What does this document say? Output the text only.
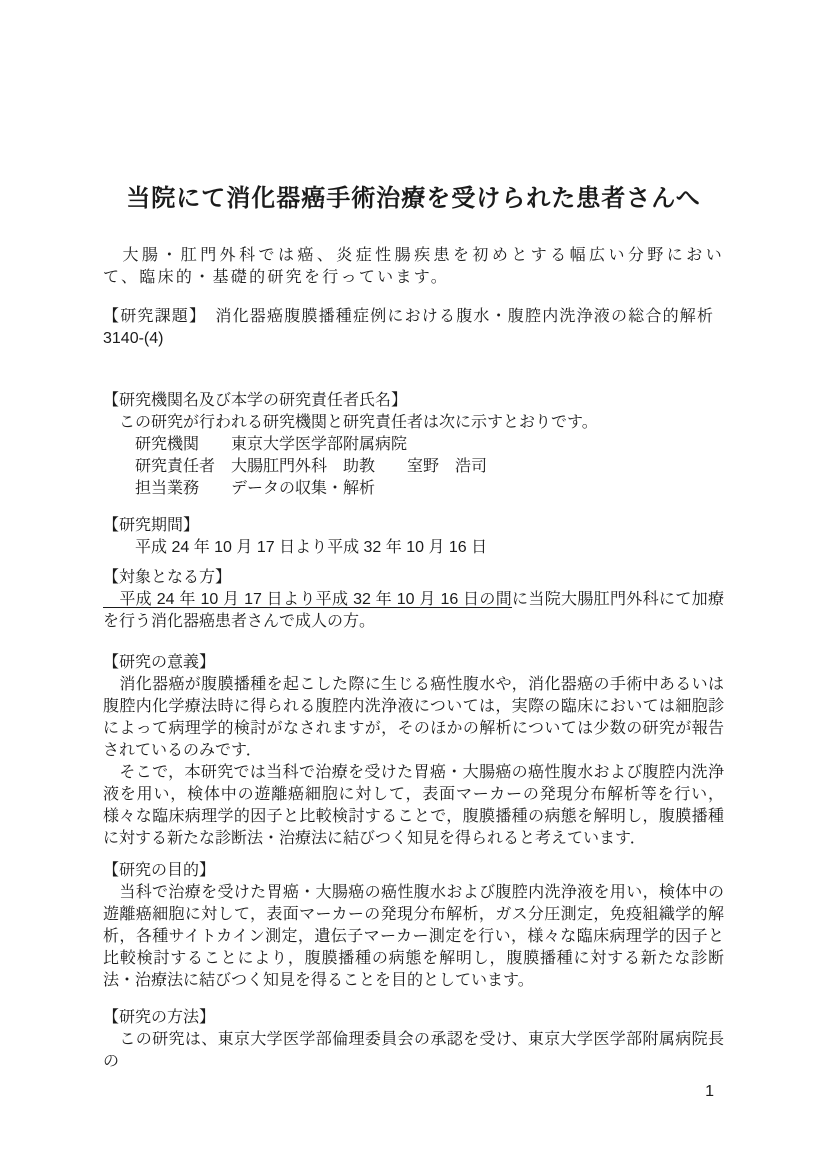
当院にて消化器癌手術治療を受けられた患者さんへ

　大腸・肛門外科では癌、炎症性腸疾患を初めとする幅広い分野において、臨床的・基礎的研究を行っています。

【研究課題】　消化器癌腹膜播種症例における腹水・腹腔内洗浄液の総合的解析

3140-(4)

【研究機関名及び本学の研究責任者氏名】

　この研究が行われる研究機関と研究責任者は次に示すとおりです。

　　研究機関　　東京大学医学部附属病院

　　研究責任者　大腸肛門外科　助教　　室野　浩司

　　担当業務　　データの収集・解析

【研究期間】

　　平成 24 年 10 月 17 日より平成 32 年 10 月 16 日

【対象となる方】

　平成 24 年 10 月 17 日より平成 32 年 10 月 16 日の間に当院大腸肛門外科にて加療を行う消化器癌患者さんで成人の方。

【研究の意義】

　消化器癌が腹膜播種を起こした際に生じる癌性腹水や，消化器癌の手術中あるいは腹腔内化学療法時に得られる腹腔内洗浄液については，実際の臨床においては細胞診によって病理学的検討がなされますが，そのほかの解析については少数の研究が報告されているのみです．

　そこで，本研究では当科で治療を受けた胃癌・大腸癌の癌性腹水および腹腔内洗浄液を用い，検体中の遊離癌細胞に対して，表面マーカーの発現分布解析等を行い，様々な臨床病理学的因子と比較検討することで，腹膜播種の病態を解明し，腹膜播種に対する新たな診断法・治療法に結びつく知見を得られると考えています．

【研究の目的】

　当科で治療を受けた胃癌・大腸癌の癌性腹水および腹腔内洗浄液を用い，検体中の遊離癌細胞に対して，表面マーカーの発現分布解析，ガス分圧測定，免疫組織学的解析，各種サイトカイン測定，遺伝子マーカー測定を行い，様々な臨床病理学的因子と比較検討することにより，腹膜播種の病態を解明し，腹膜播種に対する新たな診断法・治療法に結びつく知見を得ることを目的としています。

【研究の方法】

　この研究は、東京大学医学部倫理委員会の承認を受け、東京大学医学部附属病院長の

1
